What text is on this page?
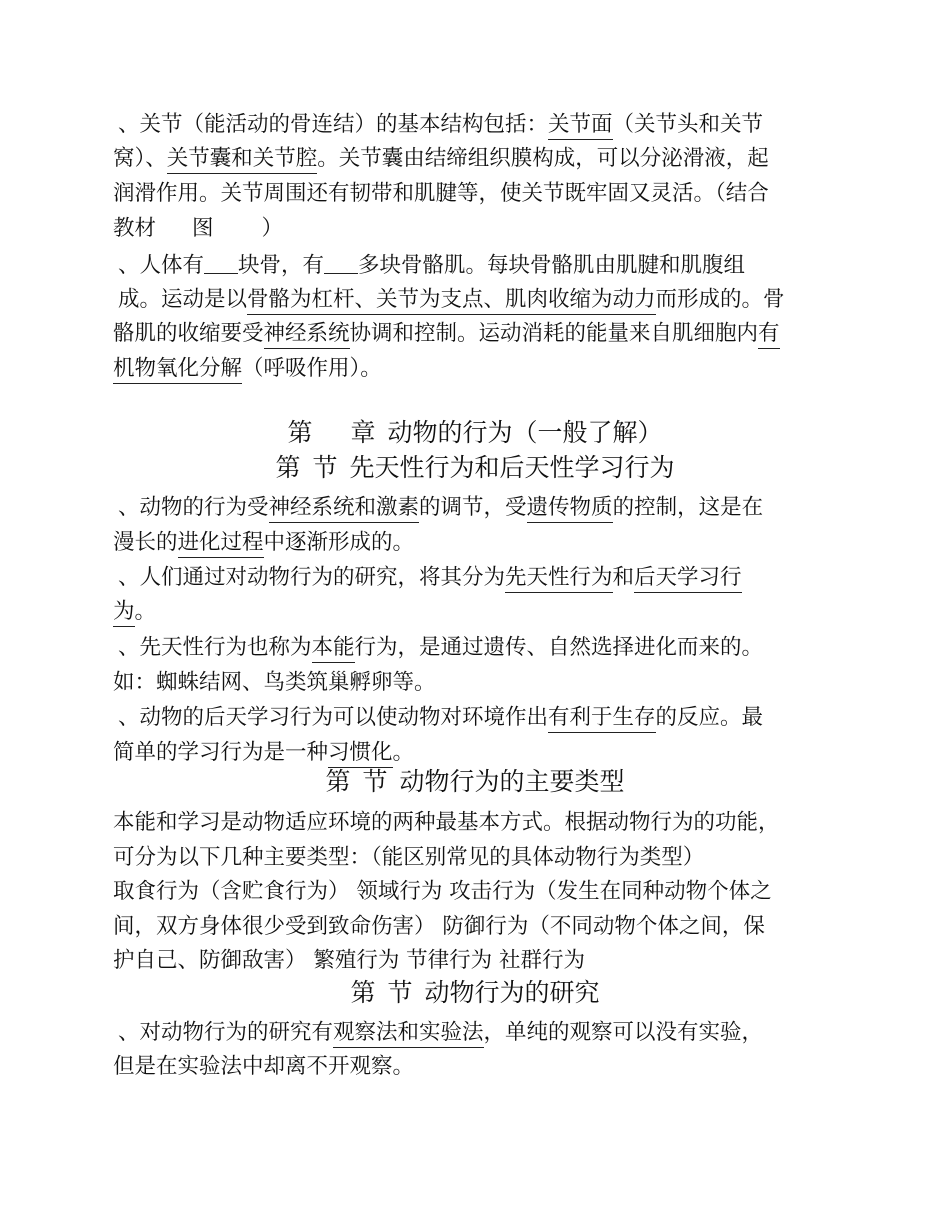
、关节（能活动的骨连结）的基本结构包括：关节面（关节头和关节
窝）、关节囊和关节腔。关节囊由结缔组织膜构成，可以分泌滑液，起
润滑作用。关节周围还有韧带和肌腱等，使关节既牢固又灵活。（结合
教材 图 ）
、人体有 块骨，有 多块骨骼肌。每块骨骼肌由肌腱和肌腹组
成。运动是以骨骼为杠杆、关节为支点、肌肉收缩为动力而形成的。骨
骼肌的收缩要受神经系统协调和控制。运动消耗的能量来自肌细胞内有
机物氧化分解（呼吸作用）。
第 章 动物的行为（一般了解）
第 节 先天性行为和后天性学习行为
、动物的行为受神经系统和激素的调节，受遗传物质的控制，这是在
漫长的进化过程中逐渐形成的。
、人们通过对动物行为的研究，将其分为先天性行为和后天学习行
为。
、先天性行为也称为本能行为，是通过遗传、自然选择进化而来的。
如：蜘蛛结网、鸟类筑巢孵卵等。
、动物的后天学习行为可以使动物对环境作出有利于生存的反应。最
简单的学习行为是一种习惯化。
第 节 动物行为的主要类型
本能和学习是动物适应环境的两种最基本方式。根据动物行为的功能，
可分为以下几种主要类型：（能区别常见的具体动物行为类型）
取食行为（含贮食行为） 领域行为 攻击行为（发生在同种动物个体之
间，双方身体很少受到致命伤害） 防御行为（不同动物个体之间，保
护自己、防御敌害） 繁殖行为 节律行为 社群行为
第 节 动物行为的研究
、对动物行为的研究有观察法和实验法，单纯的观察可以没有实验，
但是在实验法中却离不开观察。
